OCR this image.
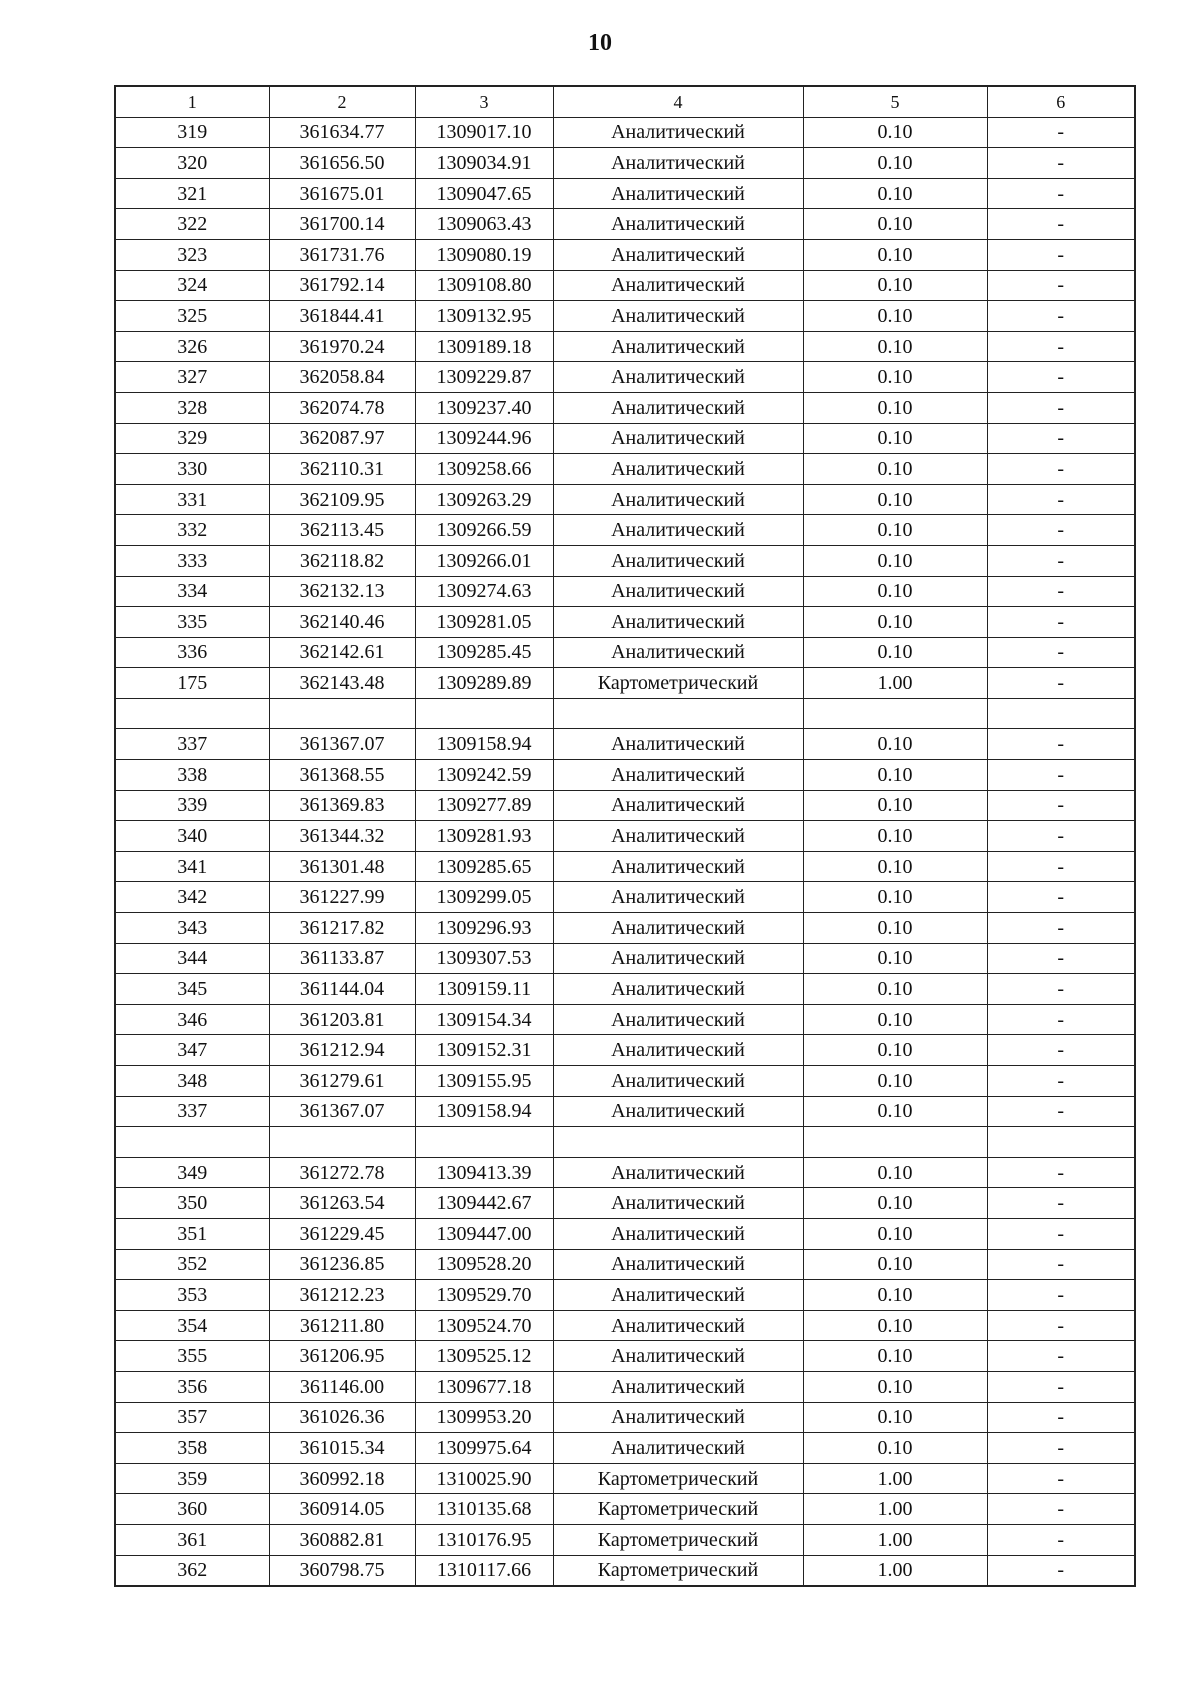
10
1	2	3	4	5	6
319	361634.77	1309017.10	Аналитический	0.10	-
320	361656.50	1309034.91	Аналитический	0.10	-
321	361675.01	1309047.65	Аналитический	0.10	-
322	361700.14	1309063.43	Аналитический	0.10	-
323	361731.76	1309080.19	Аналитический	0.10	-
324	361792.14	1309108.80	Аналитический	0.10	-
325	361844.41	1309132.95	Аналитический	0.10	-
326	361970.24	1309189.18	Аналитический	0.10	-
327	362058.84	1309229.87	Аналитический	0.10	-
328	362074.78	1309237.40	Аналитический	0.10	-
329	362087.97	1309244.96	Аналитический	0.10	-
330	362110.31	1309258.66	Аналитический	0.10	-
331	362109.95	1309263.29	Аналитический	0.10	-
332	362113.45	1309266.59	Аналитический	0.10	-
333	362118.82	1309266.01	Аналитический	0.10	-
334	362132.13	1309274.63	Аналитический	0.10	-
335	362140.46	1309281.05	Аналитический	0.10	-
336	362142.61	1309285.45	Аналитический	0.10	-
175	362143.48	1309289.89	Картометрический	1.00	-

337	361367.07	1309158.94	Аналитический	0.10	-
338	361368.55	1309242.59	Аналитический	0.10	-
339	361369.83	1309277.89	Аналитический	0.10	-
340	361344.32	1309281.93	Аналитический	0.10	-
341	361301.48	1309285.65	Аналитический	0.10	-
342	361227.99	1309299.05	Аналитический	0.10	-
343	361217.82	1309296.93	Аналитический	0.10	-
344	361133.87	1309307.53	Аналитический	0.10	-
345	361144.04	1309159.11	Аналитический	0.10	-
346	361203.81	1309154.34	Аналитический	0.10	-
347	361212.94	1309152.31	Аналитический	0.10	-
348	361279.61	1309155.95	Аналитический	0.10	-
337	361367.07	1309158.94	Аналитический	0.10	-

349	361272.78	1309413.39	Аналитический	0.10	-
350	361263.54	1309442.67	Аналитический	0.10	-
351	361229.45	1309447.00	Аналитический	0.10	-
352	361236.85	1309528.20	Аналитический	0.10	-
353	361212.23	1309529.70	Аналитический	0.10	-
354	361211.80	1309524.70	Аналитический	0.10	-
355	361206.95	1309525.12	Аналитический	0.10	-
356	361146.00	1309677.18	Аналитический	0.10	-
357	361026.36	1309953.20	Аналитический	0.10	-
358	361015.34	1309975.64	Аналитический	0.10	-
359	360992.18	1310025.90	Картометрический	1.00	-
360	360914.05	1310135.68	Картометрический	1.00	-
361	360882.81	1310176.95	Картометрический	1.00	-
362	360798.75	1310117.66	Картометрический	1.00	-
